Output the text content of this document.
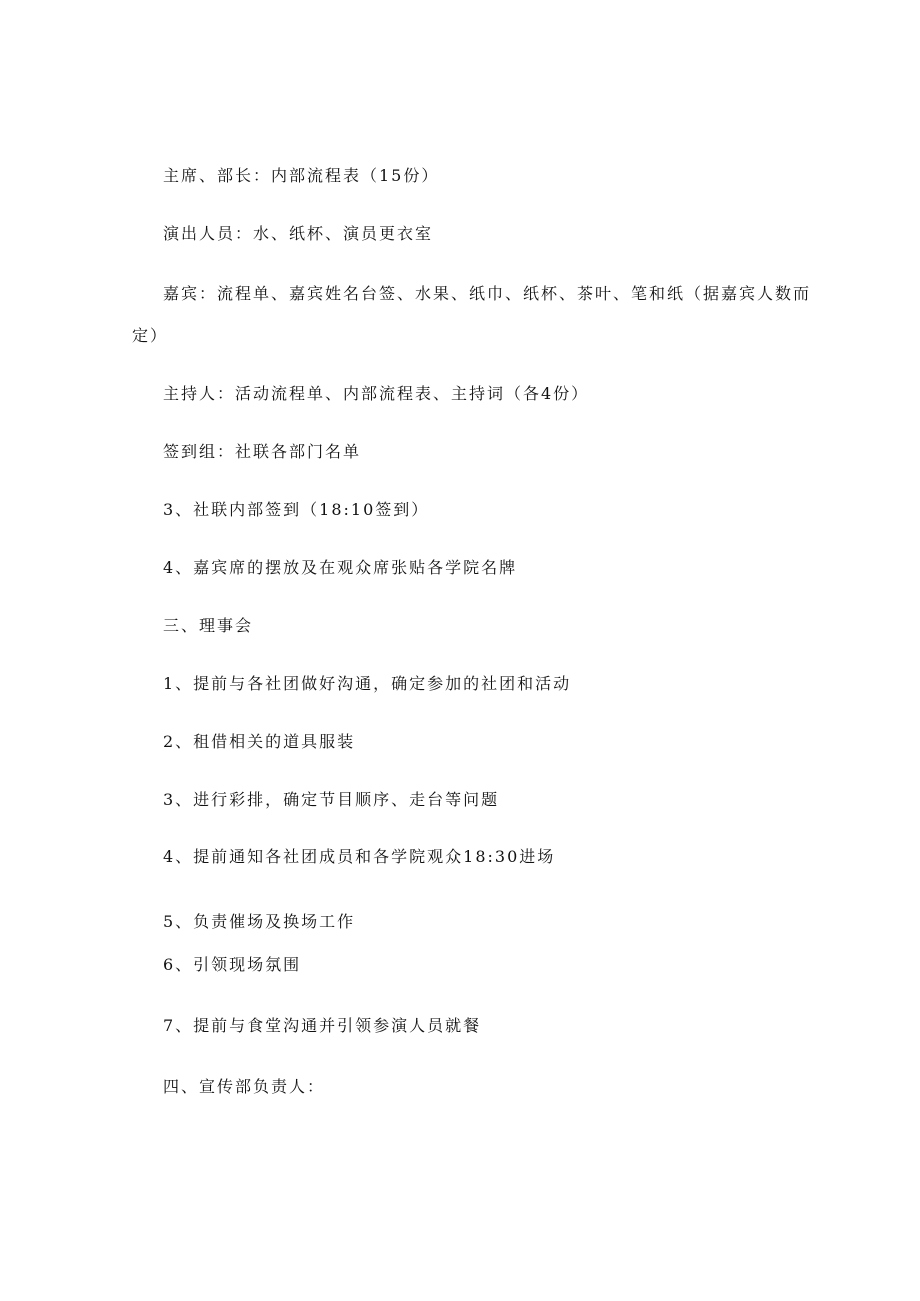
主席、部长：内部流程表（15份）
演出人员：水、纸杯、演员更衣室
嘉宾：流程单、嘉宾姓名台签、水果、纸巾、纸杯、茶叶、笔和纸（据嘉宾人数而
定）
主持人：活动流程单、内部流程表、主持词（各4份）
签到组：社联各部门名单
3、社联内部签到（18:10签到）
4、嘉宾席的摆放及在观众席张贴各学院名牌
三、理事会
1、提前与各社团做好沟通，确定参加的社团和活动
2、租借相关的道具服装
3、进行彩排，确定节目顺序、走台等问题
4、提前通知各社团成员和各学院观众18:30进场
5、负责催场及换场工作
6、引领现场氛围
7、提前与食堂沟通并引领参演人员就餐
四、宣传部负责人：
